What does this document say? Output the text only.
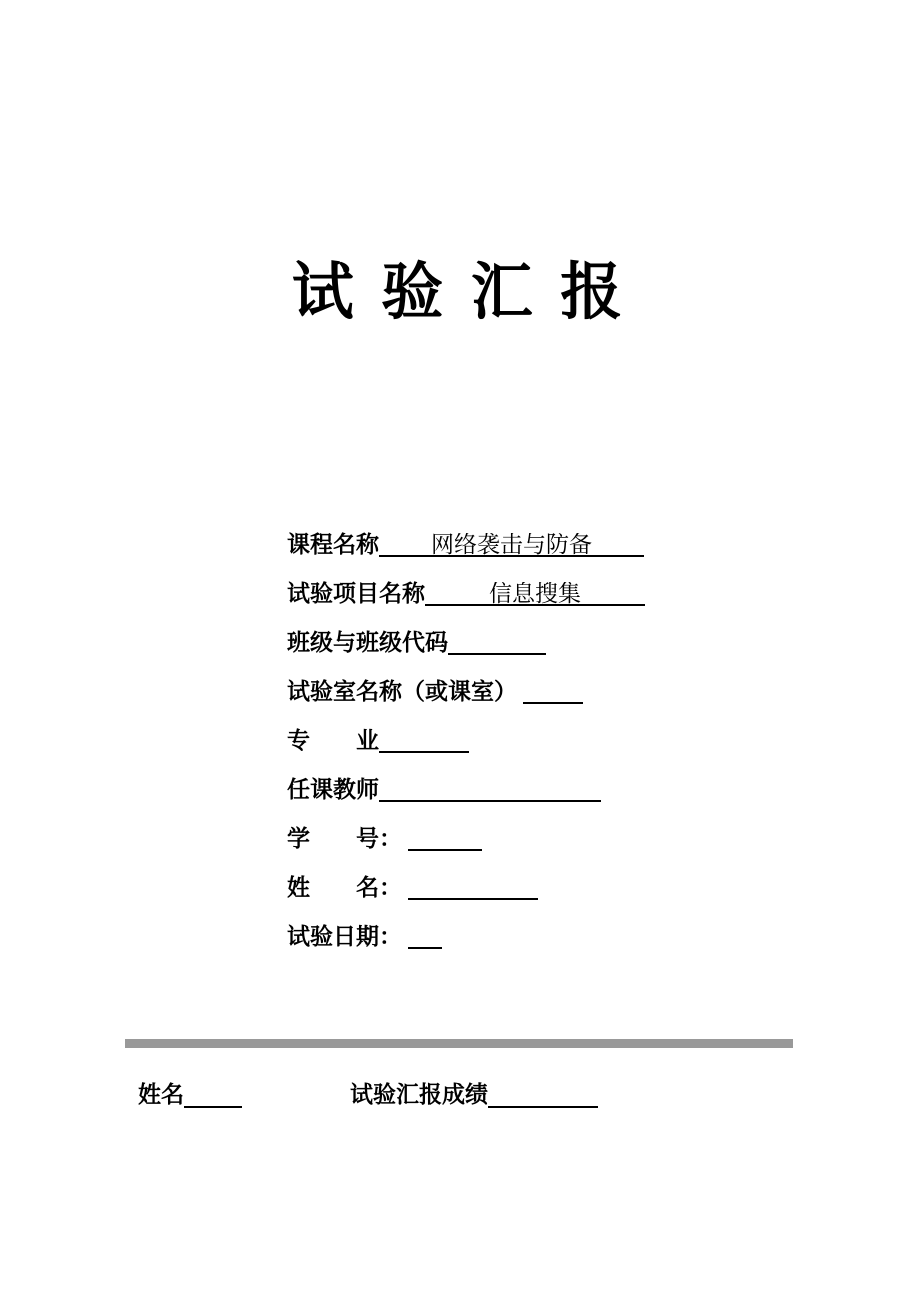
试 验 汇 报
课程名称	网络袭击与防备
试验项目名称	信息搜集
班级与班级代码
试验室名称（或课室）
专　　业
任课教师
学　　号：
姓　　名：
试验日期：
姓名	试验汇报成绩
